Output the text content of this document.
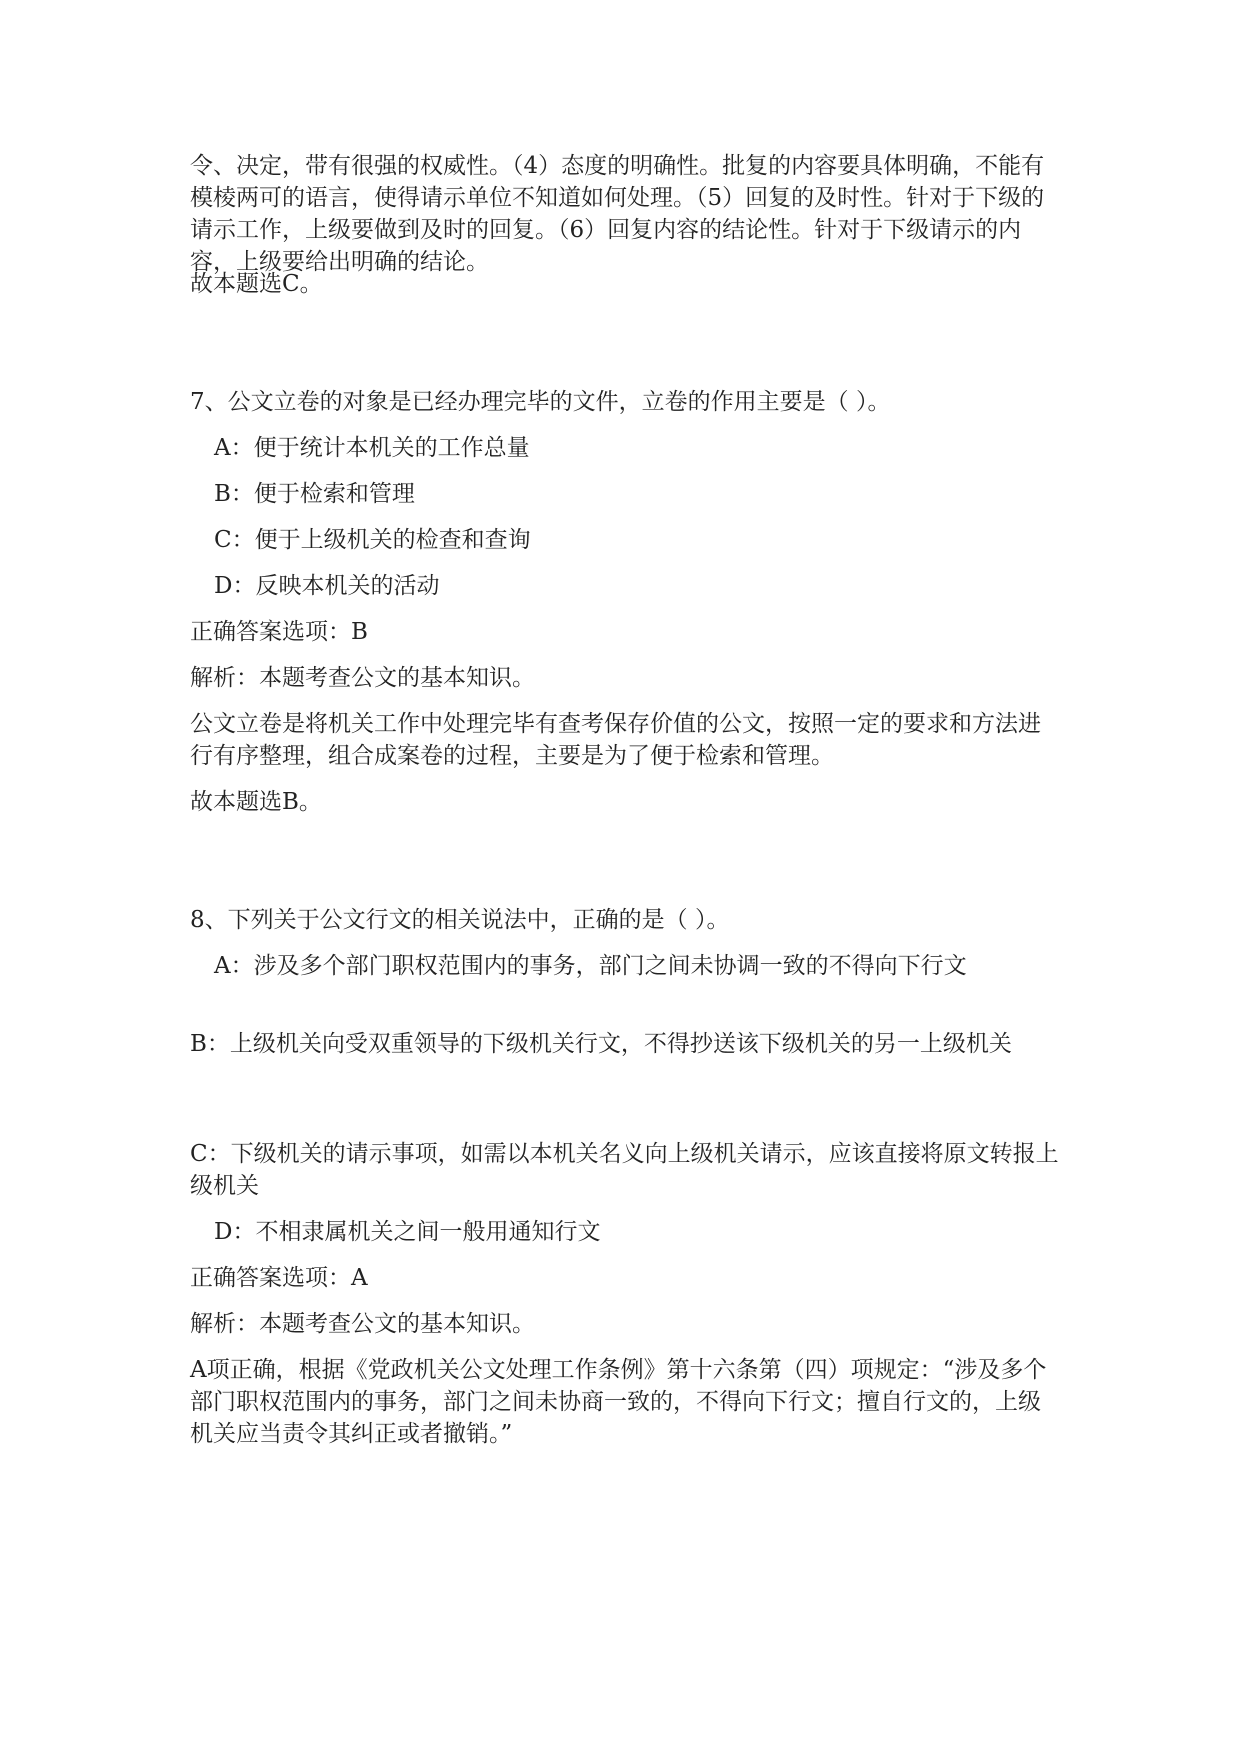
令、决定，带有很强的权威性。（4）态度的明确性。批复的内容要具体明确，不能有模棱两可的语言，使得请示单位不知道如何处理。（5）回复的及时性。针对于下级的请示工作，上级要做到及时的回复。（6）回复内容的结论性。针对于下级请示的内容，上级要给出明确的结论。

故本题选C。

7、公文立卷的对象是已经办理完毕的文件，立卷的作用主要是（ ）。

A：便于统计本机关的工作总量

B：便于检索和管理

C：便于上级机关的检查和查询

D：反映本机关的活动

正确答案选项：B

解析：本题考查公文的基本知识。

公文立卷是将机关工作中处理完毕有查考保存价值的公文，按照一定的要求和方法进行有序整理，组合成案卷的过程，主要是为了便于检索和管理。

故本题选B。

8、下列关于公文行文的相关说法中，正确的是（ ）。

A：涉及多个部门职权范围内的事务，部门之间未协调一致的不得向下行文

B：上级机关向受双重领导的下级机关行文，不得抄送该下级机关的另一上级机关

C：下级机关的请示事项，如需以本机关名义向上级机关请示，应该直接将原文转报上级机关

D：不相隶属机关之间一般用通知行文

正确答案选项：A

解析：本题考查公文的基本知识。

A项正确，根据《党政机关公文处理工作条例》第十六条第（四）项规定：“涉及多个部门职权范围内的事务，部门之间未协商一致的，不得向下行文；擅自行文的，上级机关应当责令其纠正或者撤销。”
